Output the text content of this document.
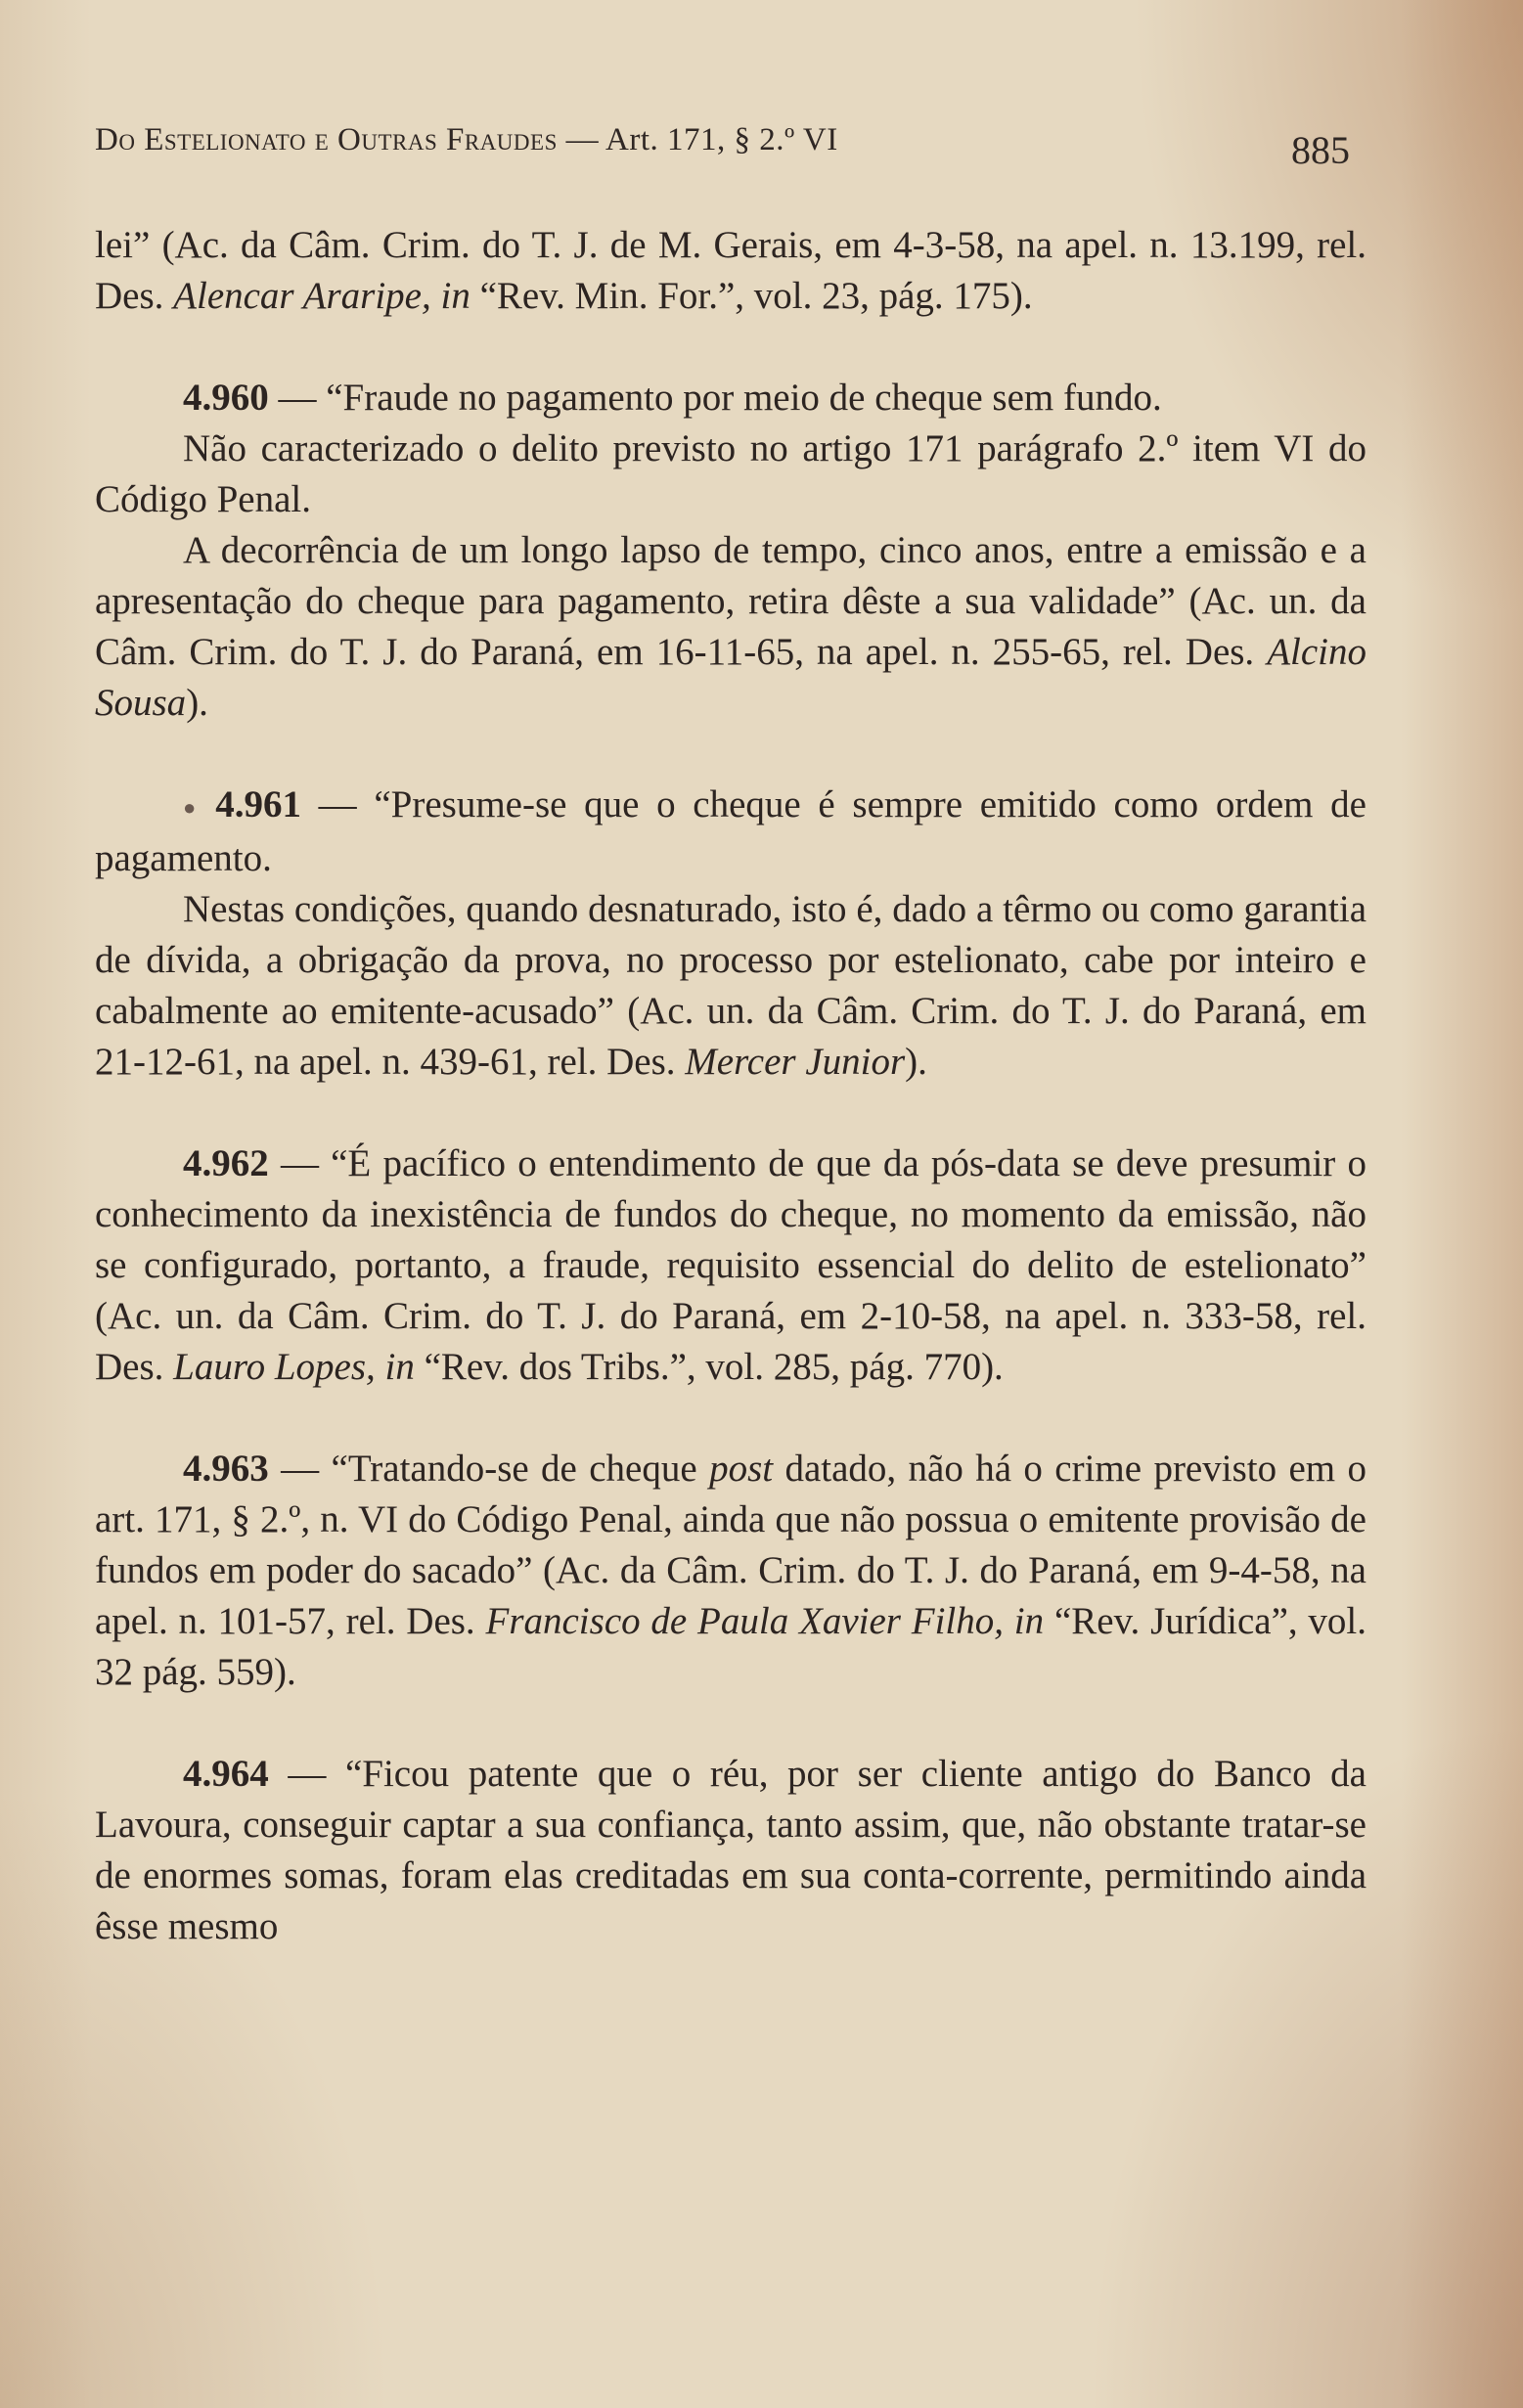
Do Estelionato e Outras Fraudes — Art. 171, § 2.º VI	885

lei” (Ac. da Câm. Crim. do T. J. de M. Gerais, em 4-3-58, na apel. n. 13.199, rel. Des. Alencar Araripe, in “Rev. Min. For.”, vol. 23, pág. 175).

4.960 — “Fraude no pagamento por meio de cheque sem fundo.

Não caracterizado o delito previsto no artigo 171 parágrafo 2.º item VI do Código Penal.

A decorrência de um longo lapso de tempo, cinco anos, entre a emissão e a apresentação do cheque para pagamento, retira dêste a sua validade” (Ac. un. da Câm. Crim. do T. J. do Paraná, em 16-11-65, na apel. n. 255-65, rel. Des. Alcino Sousa).

● 4.961 — “Presume-se que o cheque é sempre emitido como ordem de pagamento.

Nestas condições, quando desnaturado, isto é, dado a têrmo ou como garantia de dívida, a obrigação da prova, no processo por estelionato, cabe por inteiro e cabalmente ao emitente-acusado” (Ac. un. da Câm. Crim. do T. J. do Paraná, em 21-12-61, na apel. n. 439-61, rel. Des. Mercer Junior).

4.962 — “É pacífico o entendimento de que da pós-data se deve presumir o conhecimento da inexistência de fundos do cheque, no momento da emissão, não se configurado, portanto, a fraude, requisito essencial do delito de estelionato” (Ac. un. da Câm. Crim. do T. J. do Paraná, em 2-10-58, na apel. n. 333-58, rel. Des. Lauro Lopes, in “Rev. dos Tribs.”, vol. 285, pág. 770).

4.963 — “Tratando-se de cheque post datado, não há o crime previsto em o art. 171, § 2.º, n. VI do Código Penal, ainda que não possua o emitente provisão de fundos em poder do sacado” (Ac. da Câm. Crim. do T. J. do Paraná, em 9-4-58, na apel. n. 101-57, rel. Des. Francisco de Paula Xavier Filho, in “Rev. Jurídica”, vol. 32 pág. 559).

4.964 — “Ficou patente que o réu, por ser cliente antigo do Banco da Lavoura, conseguir captar a sua confiança, tanto assim, que, não obstante tratar-se de enormes somas, foram elas creditadas em sua conta-corrente, permitindo ainda êsse mesmo
